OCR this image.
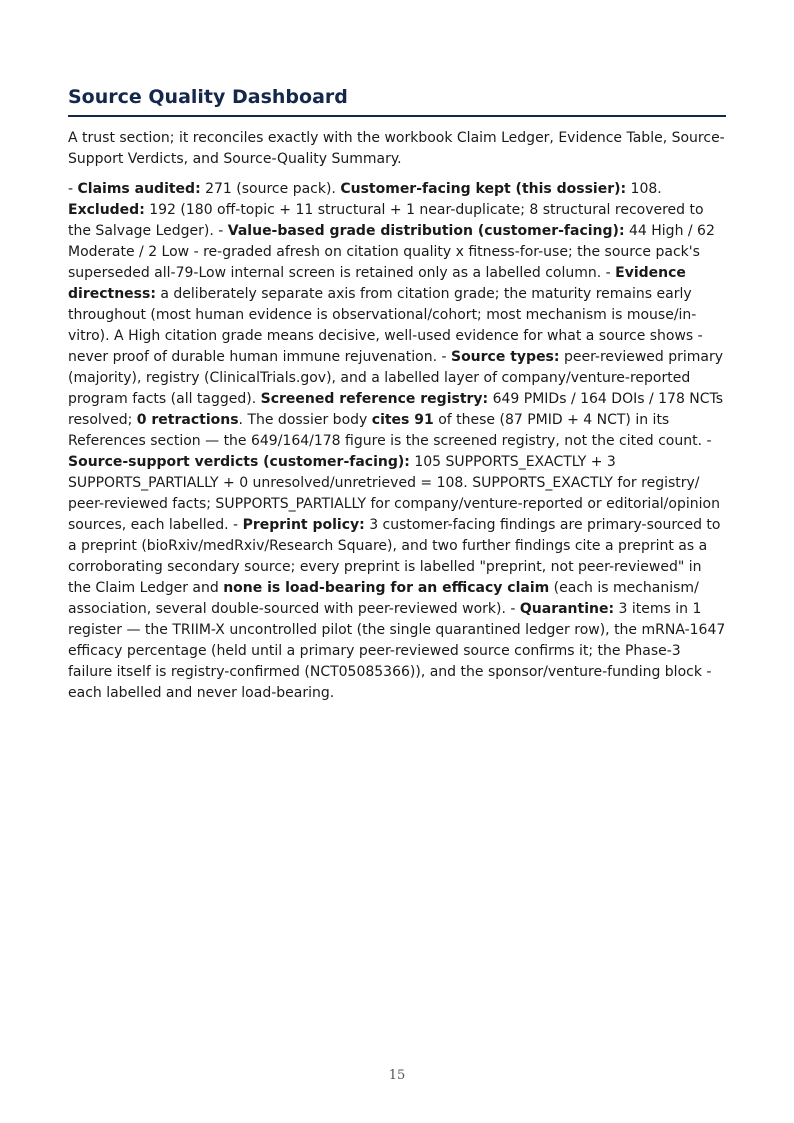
Source Quality Dashboard

A trust section; it reconciles exactly with the workbook Claim Ledger, Evidence Table, Source-Support Verdicts, and Source-Quality Summary.

- Claims audited: 271 (source pack). Customer-facing kept (this dossier): 108. Excluded: 192 (180 off-topic + 11 structural + 1 near-duplicate; 8 structural recovered to the Salvage Ledger). - Value-based grade distribution (customer-facing): 44 High / 62 Moderate / 2 Low - re-graded afresh on citation quality x fitness-for-use; the source pack's superseded all-79-Low internal screen is retained only as a labelled column. - Evidence directness: a deliberately separate axis from citation grade; the maturity remains early throughout (most human evidence is observational/cohort; most mechanism is mouse/in-vitro). A High citation grade means decisive, well-used evidence for what a source shows - never proof of durable human immune rejuvenation. - Source types: peer-reviewed primary (majority), registry (ClinicalTrials.gov), and a labelled layer of company/venture-reported program facts (all tagged). Screened reference registry: 649 PMIDs / 164 DOIs / 178 NCTs resolved; 0 retractions. The dossier body cites 91 of these (87 PMID + 4 NCT) in its References section — the 649/164/178 figure is the screened registry, not the cited count. - Source-support verdicts (customer-facing): 105 SUPPORTS_EXACTLY + 3 SUPPORTS_PARTIALLY + 0 unresolved/unretrieved = 108. SUPPORTS_EXACTLY for registry/ peer-reviewed facts; SUPPORTS_PARTIALLY for company/venture-reported or editorial/opinion sources, each labelled. - Preprint policy: 3 customer-facing findings are primary-sourced to a preprint (bioRxiv/medRxiv/Research Square), and two further findings cite a preprint as a corroborating secondary source; every preprint is labelled "preprint, not peer-reviewed" in the Claim Ledger and none is load-bearing for an efficacy claim (each is mechanism/ association, several double-sourced with peer-reviewed work). - Quarantine: 3 items in 1 register — the TRIIM-X uncontrolled pilot (the single quarantined ledger row), the mRNA-1647 efficacy percentage (held until a primary peer-reviewed source confirms it; the Phase-3 failure itself is registry-confirmed (NCT05085366)), and the sponsor/venture-funding block - each labelled and never load-bearing.

15
